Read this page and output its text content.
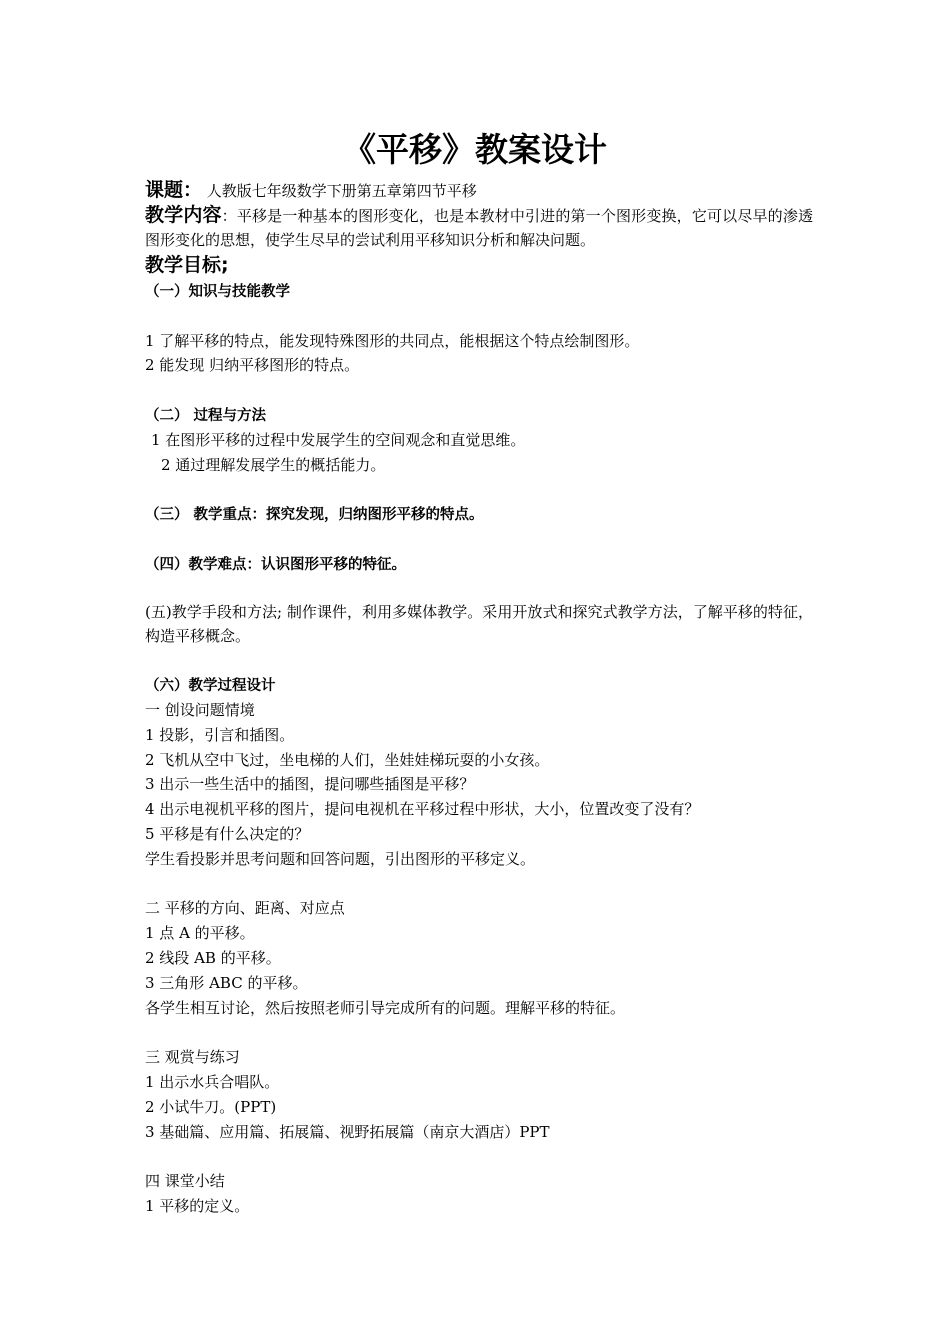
《平移》教案设计
课题： 人教版七年级数学下册第五章第四节平移
教学内容：平移是一种基本的图形变化，也是本教材中引进的第一个图形变换，它可以尽早的渗透图形变化的思想，使学生尽早的尝试利用平移知识分析和解决问题。
教学目标;
（一）知识与技能教学
1 了解平移的特点，能发现特殊图形的共同点，能根据这个特点绘制图形。
2 能发现 归纳平移图形的特点。
（二） 过程与方法
1 在图形平移的过程中发展学生的空间观念和直觉思维。
2 通过理解发展学生的概括能力。
（三） 教学重点：探究发现，归纳图形平移的特点。
（四）教学难点：认识图形平移的特征。
(五)教学手段和方法; 制作课件，利用多媒体教学。采用开放式和探究式教学方法，了解平移的特征，构造平移概念。
（六）教学过程设计
一 创设问题情境
1 投影，引言和插图。
2 飞机从空中飞过，坐电梯的人们，坐娃娃梯玩耍的小女孩。
3 出示一些生活中的插图，提问哪些插图是平移？
4 出示电视机平移的图片，提问电视机在平移过程中形状，大小，位置改变了没有？
5 平移是有什么决定的？
学生看投影并思考问题和回答问题，引出图形的平移定义。
二 平移的方向、距离、对应点
1 点 A 的平移。
2 线段 AB 的平移。
3 三角形 ABC 的平移。
各学生相互讨论，然后按照老师引导完成所有的问题。理解平移的特征。
三 观赏与练习
1 出示水兵合唱队。
2 小试牛刀。(PPT)
3 基础篇、应用篇、拓展篇、视野拓展篇（南京大酒店）PPT
四 课堂小结
1 平移的定义。
